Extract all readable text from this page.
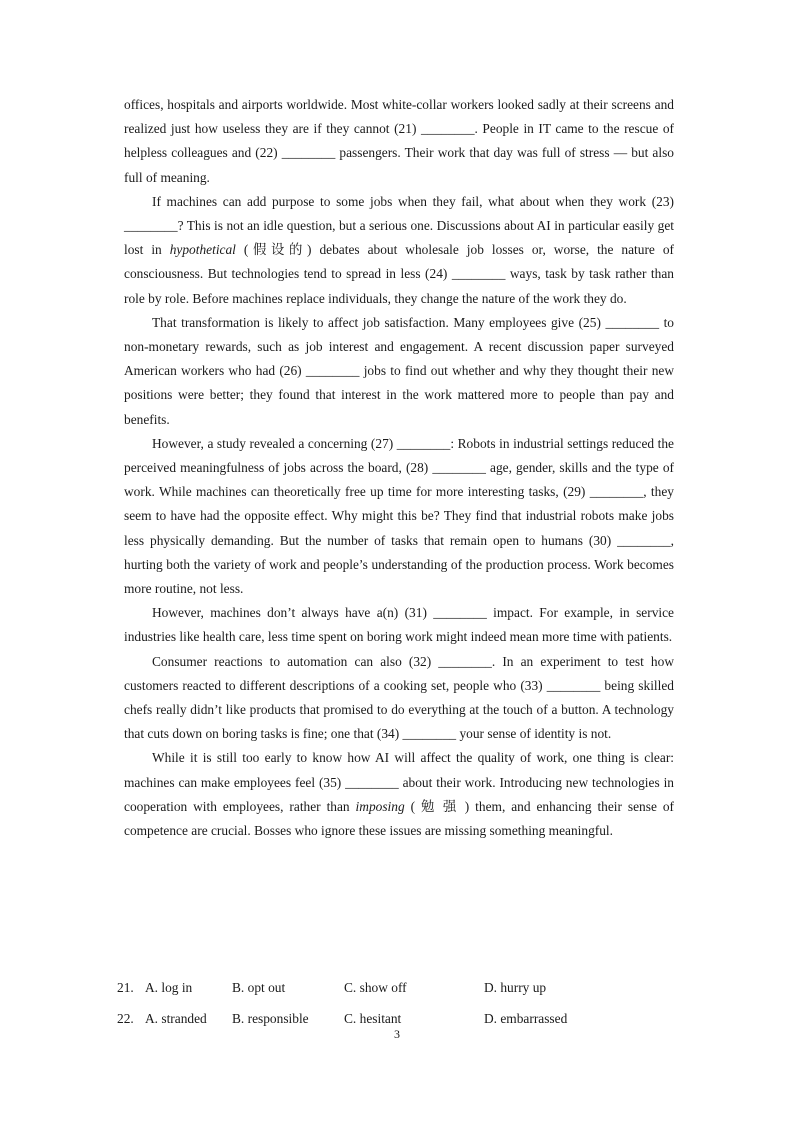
offices, hospitals and airports worldwide. Most white-collar workers looked sadly at their screens and realized just how useless they are if they cannot (21) ________. People in IT came to the rescue of helpless colleagues and (22) ________ passengers. Their work that day was full of stress — but also full of meaning.

If machines can add purpose to some jobs when they fail, what about when they work (23) ________? This is not an idle question, but a serious one. Discussions about AI in particular easily get lost in hypothetical (假设的) debates about wholesale job losses or, worse, the nature of consciousness. But technologies tend to spread in less (24) ________ ways, task by task rather than role by role. Before machines replace individuals, they change the nature of the work they do.

That transformation is likely to affect job satisfaction. Many employees give (25) ________ to non-monetary rewards, such as job interest and engagement. A recent discussion paper surveyed American workers who had (26) ________ jobs to find out whether and why they thought their new positions were better; they found that interest in the work mattered more to people than pay and benefits.

However, a study revealed a concerning (27) ________: Robots in industrial settings reduced the perceived meaningfulness of jobs across the board, (28) ________ age, gender, skills and the type of work. While machines can theoretically free up time for more interesting tasks, (29) ________, they seem to have had the opposite effect. Why might this be? They find that industrial robots make jobs less physically demanding. But the number of tasks that remain open to humans (30) ________, hurting both the variety of work and people’s understanding of the production process. Work becomes more routine, not less.

However, machines don’t always have a(n) (31) ________ impact. For example, in service industries like health care, less time spent on boring work might indeed mean more time with patients.

Consumer reactions to automation can also (32) ________. In an experiment to test how customers reacted to different descriptions of a cooking set, people who (33) ________ being skilled chefs really didn’t like products that promised to do everything at the touch of a button. A technology that cuts down on boring tasks is fine; one that (34) ________ your sense of identity is not.

While it is still too early to know how AI will affect the quality of work, one thing is clear: machines can make employees feel (35) ________ about their work. Introducing new technologies in cooperation with employees, rather than imposing ( 勉 强 ) them, and enhancing their sense of competence are crucial. Bosses who ignore these issues are missing something meaningful.

21. A. log in	B. opt out	C. show off	D. hurry up
22. A. stranded B. responsible	C. hesitant	D. embarrassed
3
